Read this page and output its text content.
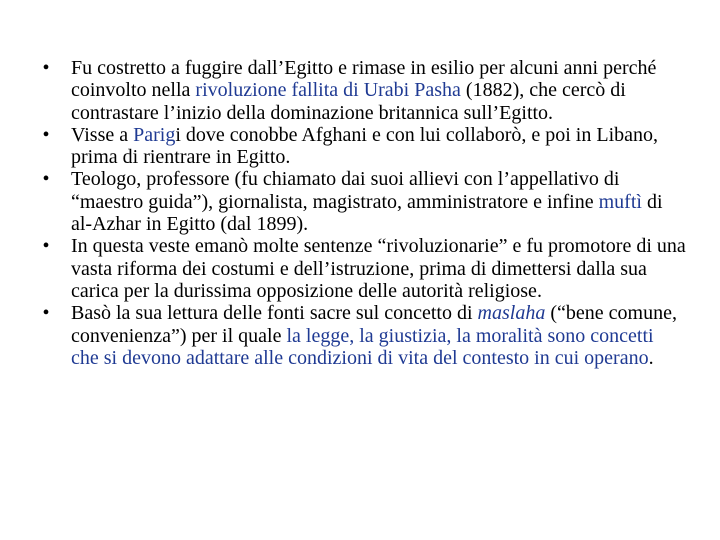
•	Fu costretto a fuggire dall’Egitto e rimase in esilio per alcuni anni perché coinvolto nella rivoluzione fallita di Urabi Pasha (1882), che cercò di contrastare l’inizio della dominazione britannica sull’Egitto.
•	Visse a Parigi dove conobbe Afghani e con lui collaborò, e poi in Libano, prima di rientrare in Egitto.
•	Teologo, professore (fu chiamato dai suoi allievi con l’appellativo di “maestro guida”), giornalista, magistrato, amministratore e infine muftì di al-Azhar in Egitto (dal 1899).
•	In questa veste emanò molte sentenze “rivoluzionarie” e fu promotore di una vasta riforma dei costumi e dell’istruzione, prima di dimettersi dalla sua carica per la durissima opposizione delle autorità religiose.
•	Basò la sua lettura delle fonti sacre sul concetto di maslaha (“bene comune, convenienza”) per il quale la legge, la giustizia, la moralità sono concetti che si devono adattare alle condizioni di vita del contesto in cui operano.
